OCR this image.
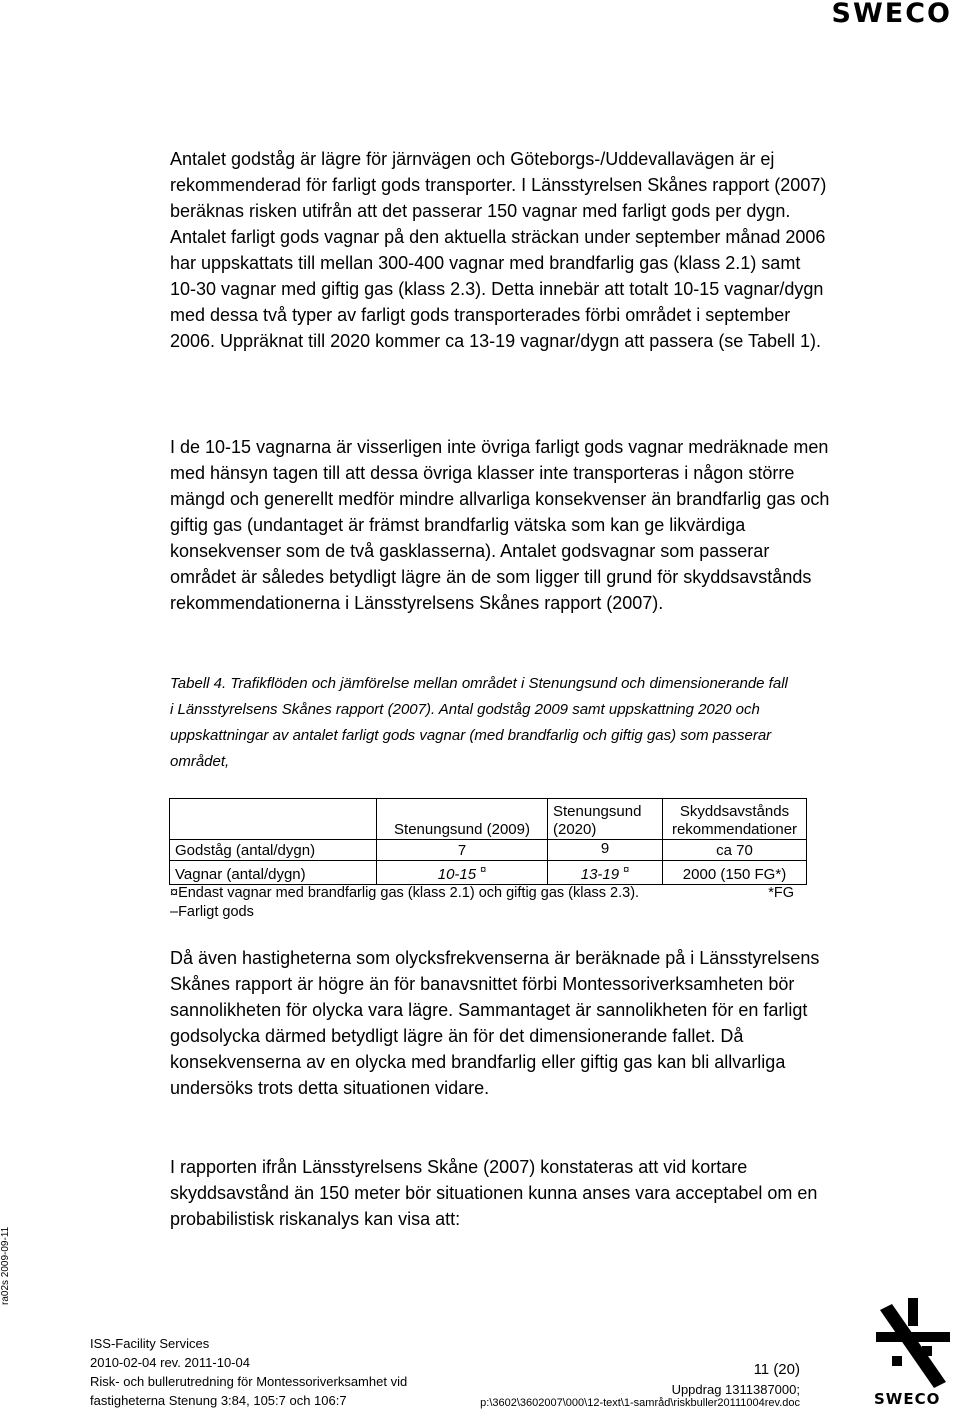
SWECO

Antalet godståg är lägre för järnvägen och Göteborgs-/Uddevallavägen är ej rekommenderad för farligt gods transporter. I Länsstyrelsen Skånes rapport (2007) beräknas risken utifrån att det passerar 150 vagnar med farligt gods per dygn. Antalet farligt gods vagnar på den aktuella sträckan under september månad 2006 har uppskattats till mellan 300-400 vagnar med brandfarlig gas (klass 2.1) samt 10-30 vagnar med giftig gas (klass 2.3). Detta innebär att totalt 10-15 vagnar/dygn med dessa två typer av farligt gods transporterades förbi området i september 2006. Uppräknat till 2020 kommer ca 13-19 vagnar/dygn att passera (se Tabell 1).

I de 10-15 vagnarna är visserligen inte övriga farligt gods vagnar medräknade men med hänsyn tagen till att dessa övriga klasser inte transporteras i någon större mängd och generellt medför mindre allvarliga konsekvenser än brandfarlig gas och giftig gas (undantaget är främst brandfarlig vätska som kan ge likvärdiga konsekvenser som de två gasklasserna). Antalet godsvagnar som passerar området är således betydligt lägre än de som ligger till grund för skyddsavstånds rekommendationerna i Länsstyrelsens Skånes rapport (2007).

Tabell 4. Trafikflöden och jämförelse mellan området i Stenungsund och dimensionerande fall i Länsstyrelsens Skånes rapport (2007). Antal godståg 2009 samt uppskattning 2020 och uppskattningar av antalet farligt gods vagnar (med brandfarlig och giftig gas) som passerar området,

	Stenungsund (2009)	Stenungsund (2020)	Skyddsavstånds rekommendationer
Godståg (antal/dygn)	7	9	ca 70
Vagnar (antal/dygn)	10-15 ¤	13-19 ¤	2000 (150 FG*)
¤Endast vagnar med brandfarlig gas (klass 2.1) och giftig gas (klass 2.3).	*FG
–Farligt gods

Då även hastigheterna som olycksfrekvenserna är beräknade på i Länsstyrelsens Skånes rapport är högre än för banavsnittet förbi Montessoriverksamheten bör sannolikheten för olycka vara lägre. Sammantaget är sannolikheten för en farligt godsolycka därmed betydligt lägre än för det dimensionerande fallet. Då konsekvenserna av en olycka med brandfarlig eller giftig gas kan bli allvarliga undersöks trots detta situationen vidare.

I rapporten ifrån Länsstyrelsens Skåne (2007) konstateras att vid kortare skyddsavstånd än 150 meter bör situationen kunna anses vara acceptabel om en probabilistisk riskanalys kan visa att:

ra02s 2009-09-11
ISS-Facility Services
2010-02-04 rev. 2011-10-04
Risk- och bullerutredning för Montessoriverksamhet vid
fastigheterna Stenung 3:84, 105:7 och 106:7
11 (20)
Uppdrag 1311387000;
p:\3602\3602007\000\12-text\1-samråd\riskbuller20111004rev.doc	SWECO
